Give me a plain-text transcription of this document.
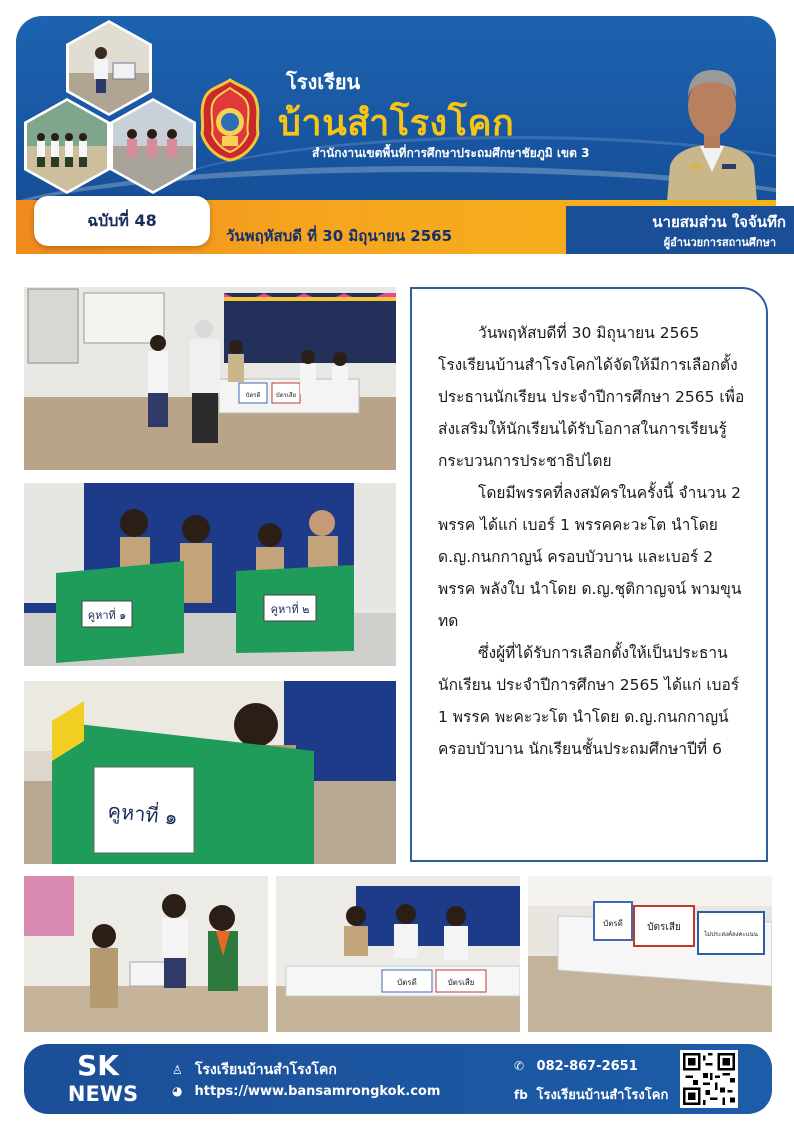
โรงเรียน
บ้านสำโรงโคก
สำนักงานเขตพื้นที่การศึกษาประถมศึกษาชัยภูมิ เขต 3
ฉบับที่ 48
วันพฤหัสบดี ที่ 30 มิถุนายน 2565
นายสมส่วน ใจจันทึก
ผู้อำนวยการสถานศึกษา
บัตรดี	บัตรเสีย
คูหาที่ ๑	คูหาที่ ๒
คูหาที่ ๑

วันพฤหัสบดีที่ 30 มิถุนายน 2565 โรงเรียนบ้านสำโรงโคกได้จัดให้มีการเลือกตั้งประธานนักเรียน ประจำปีการศึกษา 2565 เพื่อส่งเสริมให้นักเรียนได้รับโอกาสในการเรียนรู้กระบวนการประชาธิปไตย

โดยมีพรรคที่ลงสมัครในครั้งนี้ จำนวน 2 พรรค ได้แก่ เบอร์ 1 พรรคคะวะโต นำโดย ด.ญ.กนกกาญน์ ครอบบัวบาน และเบอร์ 2 พรรค พลังใบ นำโดย ด.ญ.ชุติกาญจน์ พามขุนทด

ซึ่งผู้ที่ได้รับการเลือกตั้งให้เป็นประธานนักเรียน ประจำปีการศึกษา 2565 ได้แก่ เบอร์ 1 พรรค พะคะวะโต นำโดย ด.ญ.กนกกาญน์ ครอบบัวบาน นักเรียนชั้นประถมศึกษาปีที่ 6

บัตรดี	บัตรเสีย
บัตรดี บัตรเสีย
ไม่ประสงค์ลงคะแนน
SK
NEWS
♙ โรงเรียนบ้านสำโรงโคก
◕ https://www.bansamrongkok.com
✆ 082-867-2651
fb โรงเรียนบ้านสำโรงโคก
